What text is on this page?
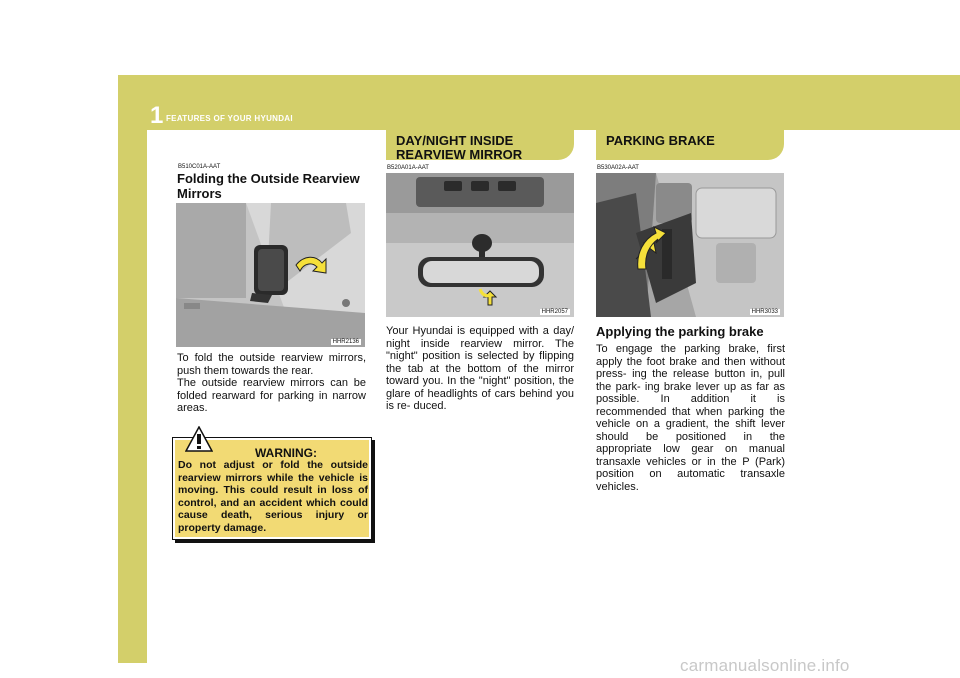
1 FEATURES OF YOUR HYUNDAI
46
B510C01A-AAT
Folding the Outside Rearview Mirrors
HHR2136
To fold the outside rearview mirrors, push them towards the rear.
The outside rearview mirrors can be folded rearward for parking in narrow areas.
WARNING:
Do not adjust or fold the outside rearview mirrors while the vehicle is moving. This could result in loss of control, and an accident which could cause death, serious injury or property damage.
DAY/NIGHT INSIDE
REARVIEW MIRROR
B520A01A-AAT
HHR2057
Your Hyundai is equipped with a day/ night inside rearview mirror. The "night" position is selected by flipping the tab at the bottom of the mirror toward you. In the "night" position, the glare of headlights of cars behind you is re- duced.
PARKING BRAKE
B530A02A-AAT
HHR3033
Applying the parking brake
To engage the parking brake, first apply the foot brake and then without press- ing the release button in, pull the park- ing brake lever up as far as possible. In addition it is recommended that when parking the vehicle on a gradient, the shift lever should be positioned in the appropriate low gear on manual transaxle vehicles or in the P (Park) position on automatic transaxle vehicles.
carmanualsonline.info
